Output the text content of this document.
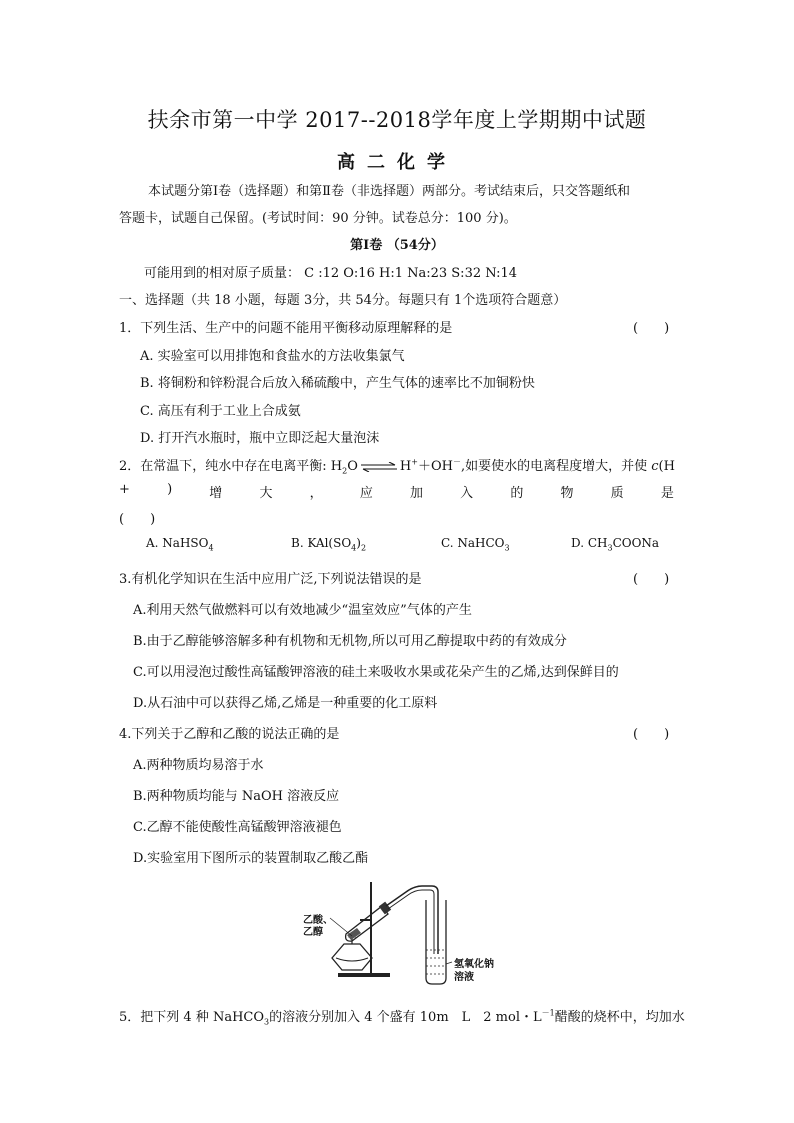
扶余市第一中学 2017--2018学年度上学期期中试题
高二化学
本试题分第Ⅰ卷（选择题）和第Ⅱ卷（非选择题）两部分。考试结束后，只交答题纸和
答题卡，试题自己保留。(考试时间：90 分钟。试卷总分：100 分)。
第Ⅰ卷 （54分）
可能用到的相对原子质量： C :12 O:16 H:1 Na:23 S:32 N:14
一、选择题（共 18 小题，每题 3分，共 54分。每题只有 1个选项符合题意）
1．下列生活、生产中的问题不能用平衡移动原理解释的是	(　　)
A. 实验室可以用排饱和食盐水的方法收集氯气
B. 将铜粉和锌粉混合后放入稀硫酸中，产生气体的速率比不加铜粉快
C. 高压有利于工业上合成氨
D. 打开汽水瓶时，瓶中立即泛起大量泡沫
2．在常温下，纯水中存在电离平衡: $H_2O$ ⇌ H+＋OH－,如要使水的电离程度增大，并使 c(H
+	)	增	大	，	应	加	入	的	物	质	是
(　　)
A. NaHSO$_4$	B. $KAl(SO_4)_2$	C. NaHCO$_3$	D. $CH_3COONa$
3.有机化学知识在生活中应用广泛,下列说法错误的是	(　　)
A.利用天然气做燃料可以有效地减少“温室效应”气体的产生
B.由于乙醇能够溶解多种有机物和无机物,所以可用乙醇提取中药的有效成分
C.可以用浸泡过酸性高锰酸钾溶液的硅土来吸收水果或花朵产生的乙烯,达到保鲜目的
D.从石油中可以获得乙烯,乙烯是一种重要的化工原料
4.下列关于乙醇和乙酸的说法正确的是	(　　)
A.两种物质均易溶于水
B.两种物质均能与 NaOH 溶液反应
C.乙醇不能使酸性高锰酸钾溶液褪色
D.实验室用下图所示的装置制取乙酸乙酯
乙酸、
乙醇
氢氧化钠
溶液
5．把下列 4 种 NaHCO$_3$的溶液分别加入 4 个盛有 10m　L　2 mol・$L^{-1}$醋酸的烧杯中，均加水
